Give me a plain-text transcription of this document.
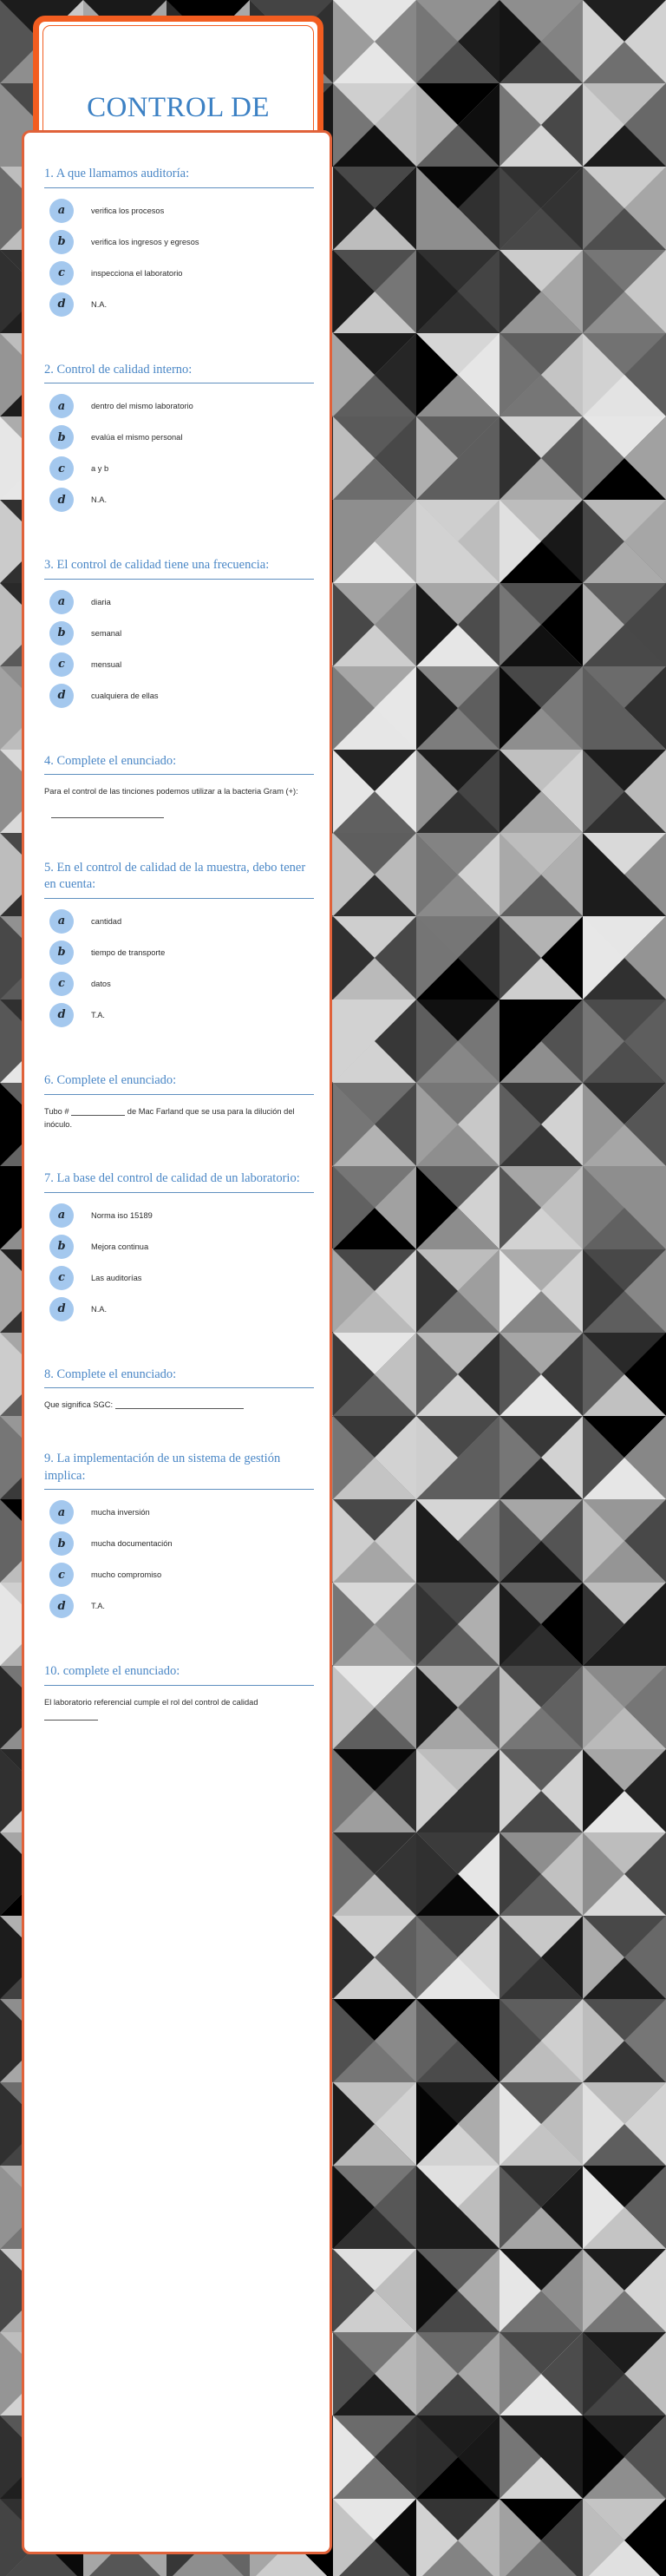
CONTROL DE
1. A que llamamos auditoría:
a	verifica los procesos
b	verifica los ingresos y egresos
c	inspecciona el laboratorio
d	N.A.
2. Control de calidad interno:
a	dentro del mismo laboratorio
b	evalúa el mismo personal
c	a y b
d	N.A.
3. El control de calidad tiene una frecuencia:
a	diaria
b	semanal
c	mensual
d	cualquiera de ellas
4. Complete el enunciado:
Para el control de las tinciones podemos utilizar a la bacteria Gram (+):
5. En el control de calidad de la muestra, debo tener en cuenta:
a	cantidad
b	tiempo de transporte
c	datos
d	T.A.
6. Complete el enunciado:
Tubo #	de Mac Farland que se usa para la dilución del inóculo.
7. La base del control de calidad de un laboratorio:
a	Norma iso 15189
b	Mejora continua
c	Las auditorías
d	N.A.
8. Complete el enunciado:
Que significa SGC:
9. La implementación de un sistema de gestión implica:
a	mucha inversión
b	mucha documentación
c	mucho compromiso
d	T.A.
10. complete el enunciado:
El laboratorio referencial cumple el rol del control de calidad
